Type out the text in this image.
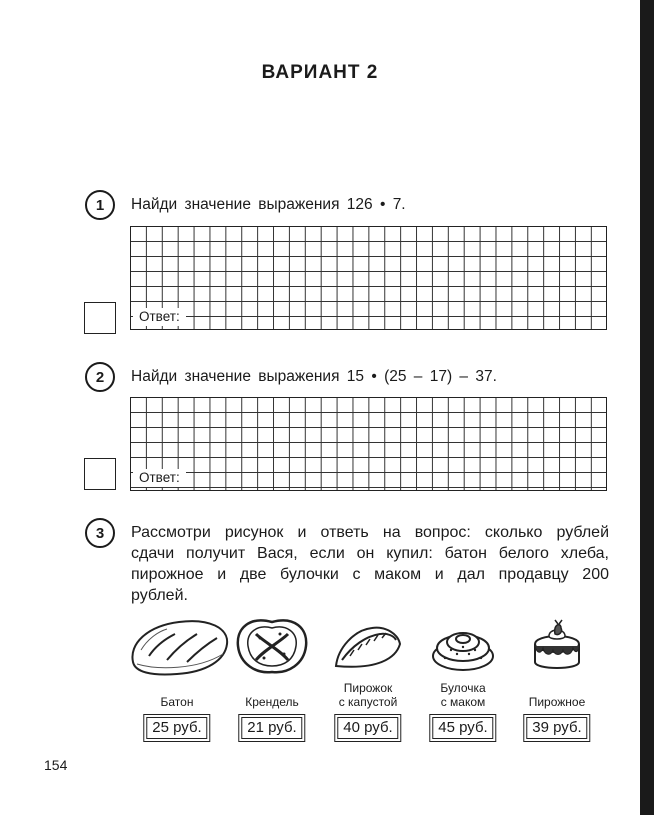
ВАРИАНТ 2
1	Найди значение выражения 126 • 7.
Ответ:
2	Найди значение выражения 15 • (25 – 17) – 37.
Ответ:
3	Рассмотри рисунок и ответь на вопрос: сколько рублей сдачи получит Вася, если он купил: батон белого хлеба, пирожное и две булочки с маком и дал продавцу 200 рублей.
Батон
25 руб.
Крендель
21 руб.
Пирожок
с капустой
40 руб.
Булочка
с маком
45 руб.
Пирожное
39 руб.
154
